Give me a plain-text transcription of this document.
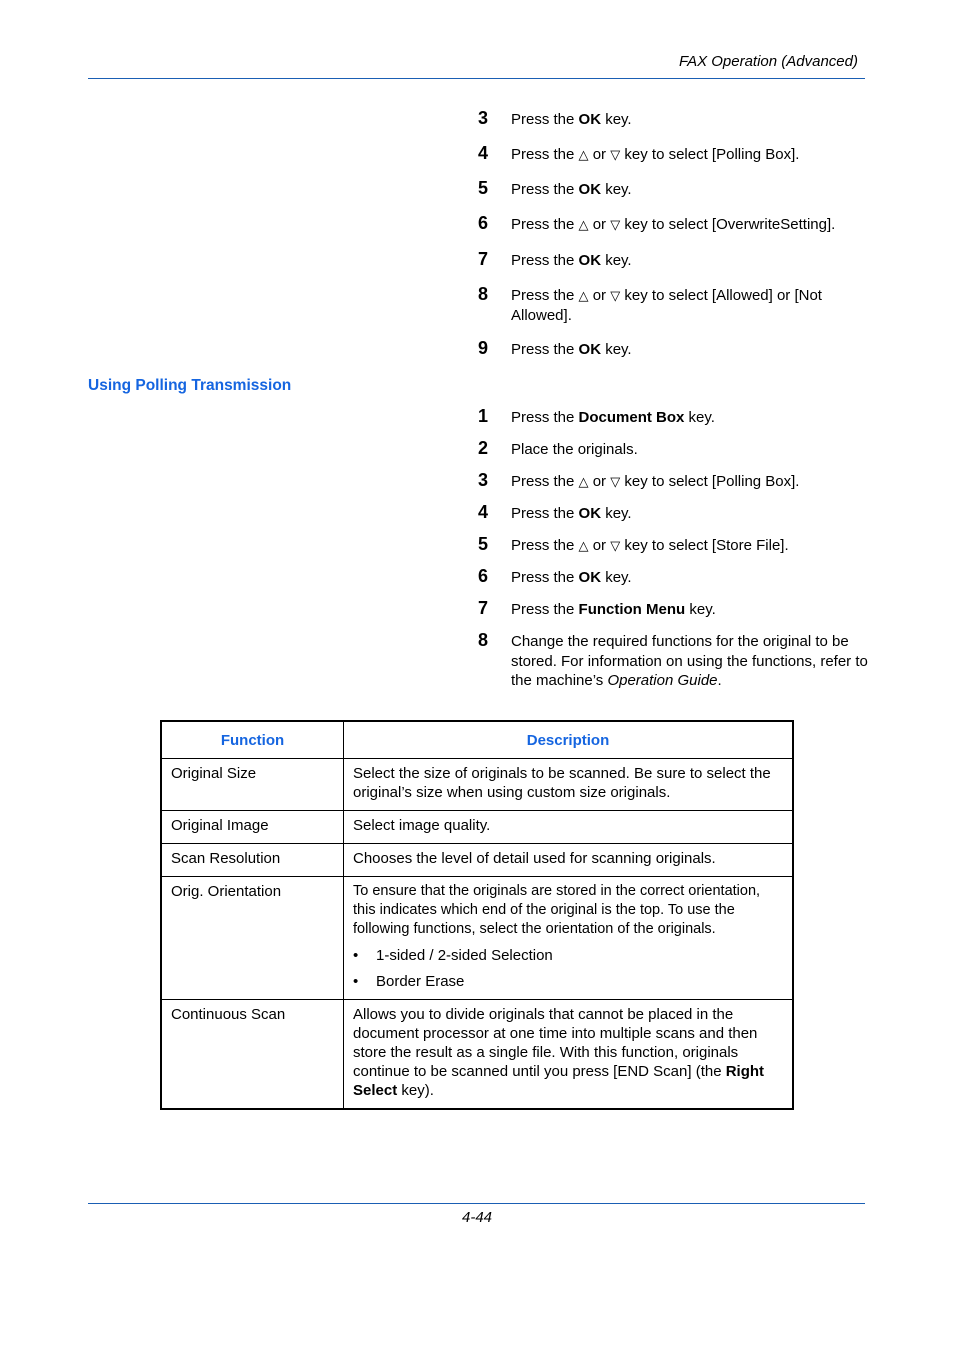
FAX Operation (Advanced)
3 Press the OK key.
4 Press the △ or ▽ key to select [Polling Box].
5 Press the OK key.
6 Press the △ or ▽ key to select [OverwriteSetting].
7 Press the OK key.
8 Press the △ or ▽ key to select [Allowed] or [Not Allowed].
9 Press the OK key.
Using Polling Transmission
1 Press the Document Box key.
2 Place the originals.
3 Press the △ or ▽ key to select [Polling Box].
4 Press the OK key.
5 Press the △ or ▽ key to select [Store File].
6 Press the OK key.
7 Press the Function Menu key.
8 Change the required functions for the original to be stored. For information on using the functions, refer to the machine’s Operation Guide.
Function	Description
Original Size	Select the size of originals to be scanned. Be sure to select the original’s size when using custom size originals.
Original Image	Select image quality.
Scan Resolution	Chooses the level of detail used for scanning originals.
Orig. Orientation	To ensure that the originals are stored in the correct orientation, this indicates which end of the original is the top. To use the following functions, select the orientation of the originals.
• 1-sided / 2-sided Selection
• Border Erase

Continuous Scan	Allows you to divide originals that cannot be placed in the document processor at one time into multiple scans and then store the result as a single file. With this function, originals continue to be scanned until you press [END Scan] (the Right Select key).
4-44
